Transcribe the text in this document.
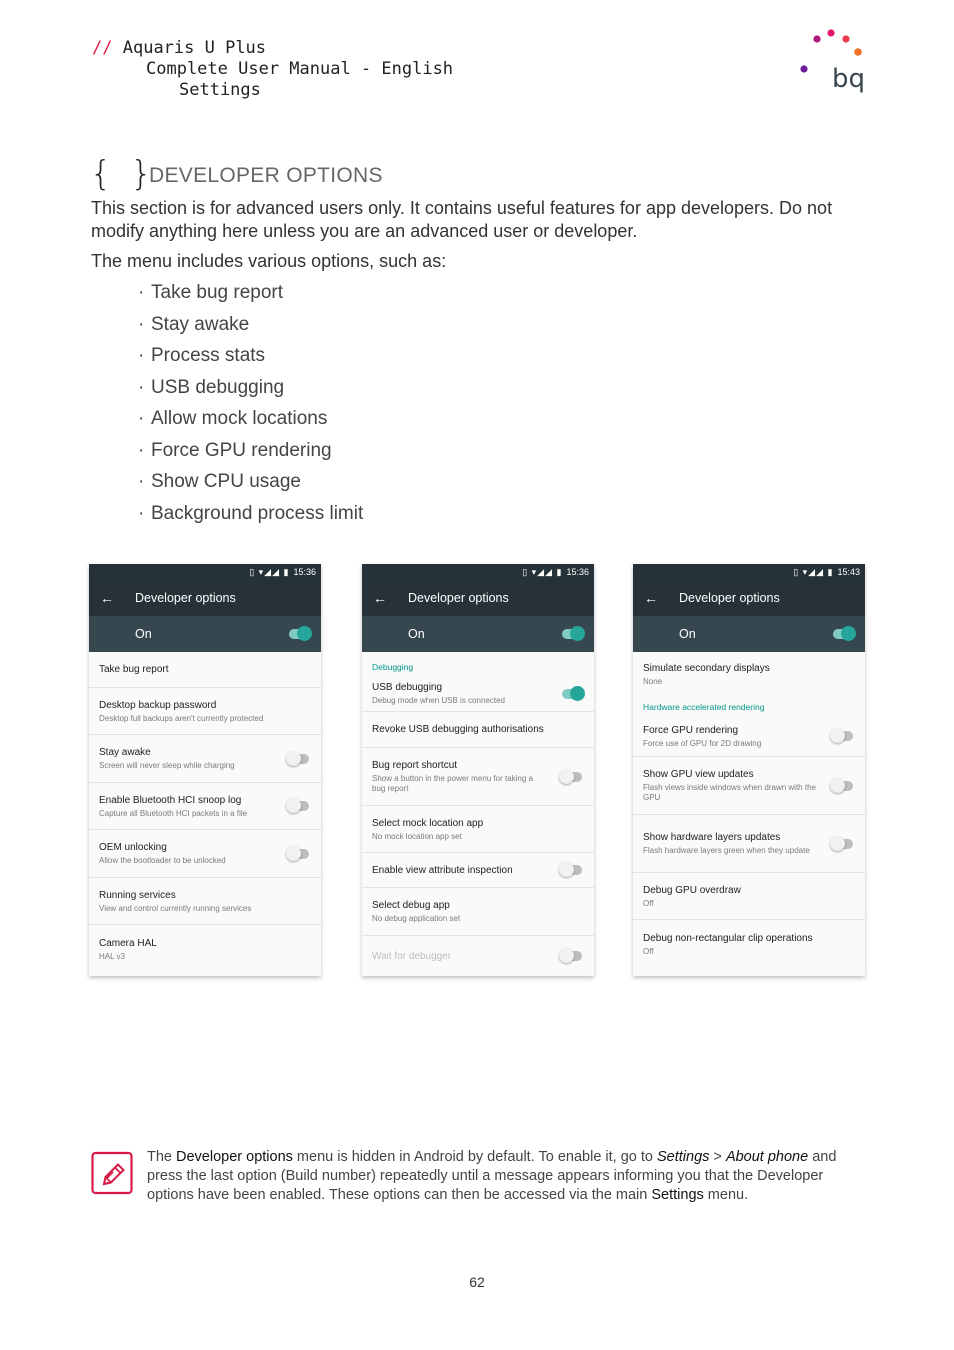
// Aquaris U Plus
Complete User Manual - English
Settings	bq
{ }
DEVELOPER OPTIONS
This section is for advanced users only. It contains useful features for app developers. Do not modify anything here unless you are an advanced user or developer.
The menu includes various options, such as:
· Take bug report
· Stay awake
· Process stats
· USB debugging
· Allow mock locations
· Force GPU rendering
· Show CPU usage
· Background process limit
▯ ▾◢◢ ▮ 15:36
← Developer options
On
Take bug report
Desktop backup password
Desktop full backups aren't currently protected
Stay awake
Screen will never sleep while charging
Enable Bluetooth HCI snoop log
Capture all Bluetooth HCI packets in a file
OEM unlocking
Allow the bootloader to be unlocked
Running services
View and control currently running services
Camera HAL
HAL v3
▯ ▾◢◢ ▮ 15:36
← Developer options
On
Debugging
USB debugging
Debug mode when USB is connected
Revoke USB debugging authorisations
Bug report shortcut
Show a button in the power menu for taking a bug report
Select mock location app
No mock location app set
Enable view attribute inspection
Select debug app
No debug application set
Wait for debugger
▯ ▾◢◢ ▮ 15:43
← Developer options
On
Simulate secondary displays
None
Hardware accelerated rendering
Force GPU rendering
Force use of GPU for 2D drawing
Show GPU view updates
Flash views inside windows when drawn with the GPU
Show hardware layers updates
Flash hardware layers green when they update
Debug GPU overdraw
Off
Debug non-rectangular clip operations
Off
The Developer options menu is hidden in Android by default. To enable it, go to Settings > About phone and press the last option (Build number) repeatedly until a message appears informing you that the Developer options have been enabled. These options can then be accessed via the main Settings menu.
62
